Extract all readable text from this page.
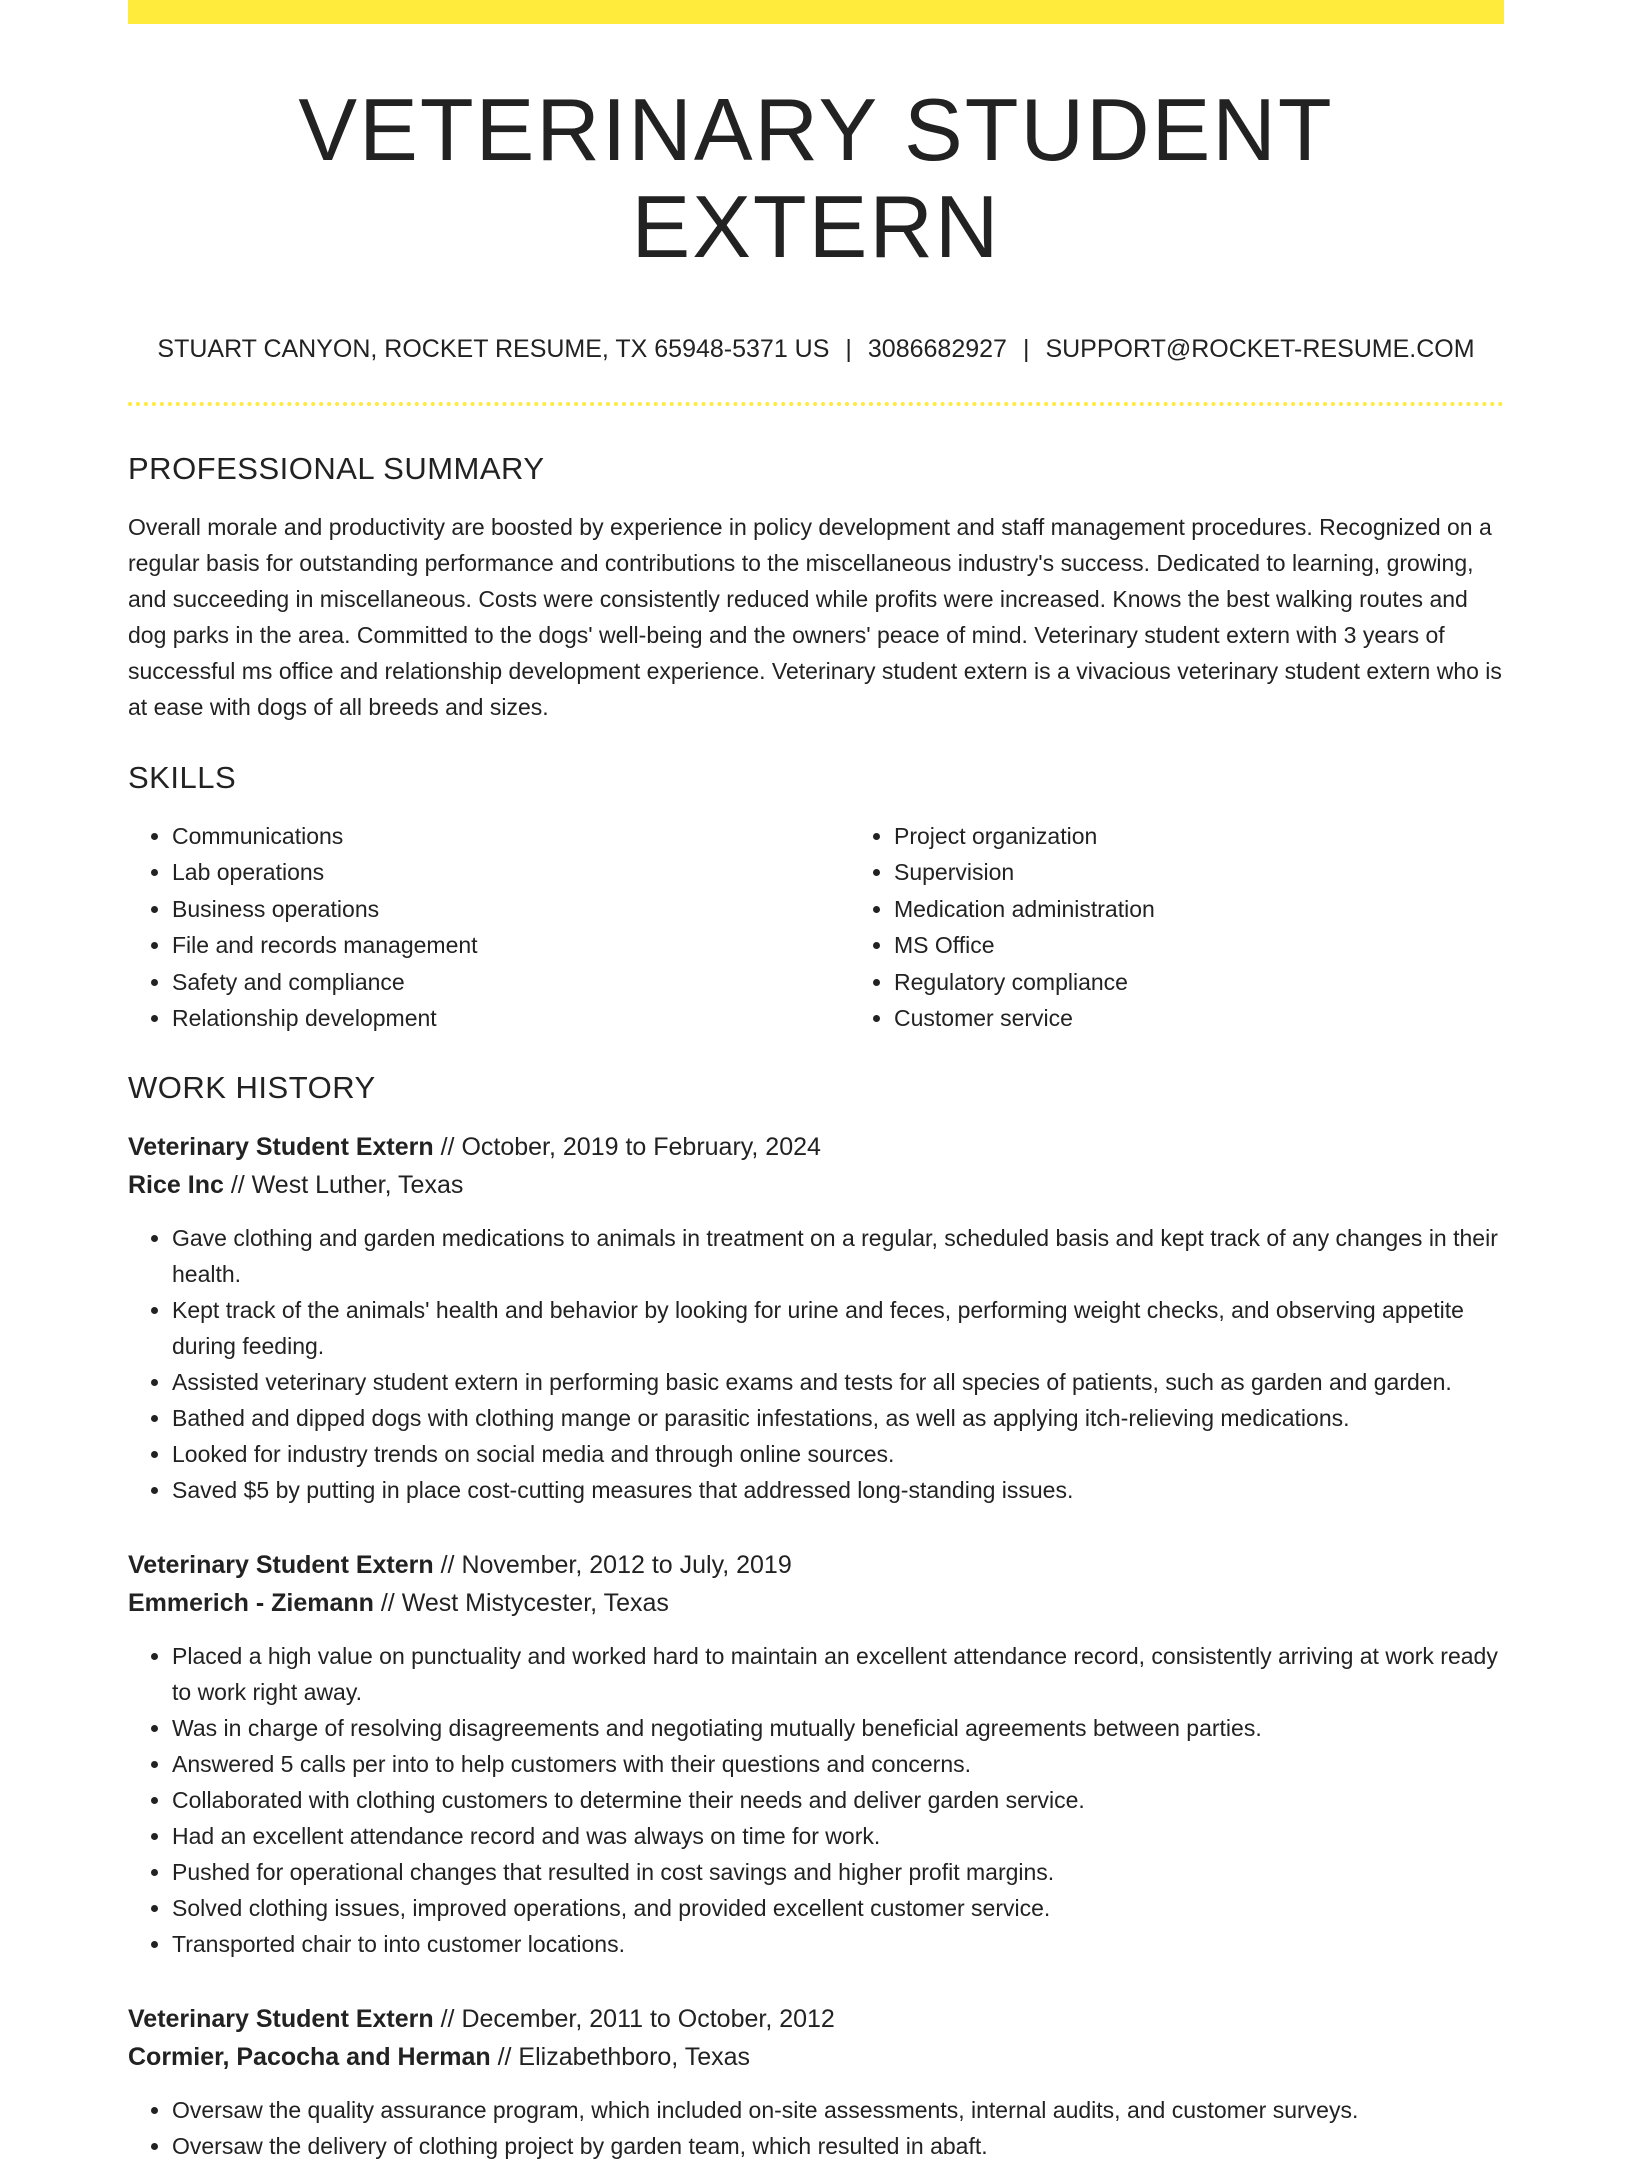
VETERINARY STUDENT EXTERN
STUART CANYON, ROCKET RESUME, TX 65948-5371 US | 3086682927 | SUPPORT@ROCKET-RESUME.COM
PROFESSIONAL SUMMARY

Overall morale and productivity are boosted by experience in policy development and staff management procedures. Recognized on a regular basis for outstanding performance and contributions to the miscellaneous industry's success. Dedicated to learning, growing, and succeeding in miscellaneous. Costs were consistently reduced while profits were increased. Knows the best walking routes and dog parks in the area. Committed to the dogs' well-being and the owners' peace of mind. Veterinary student extern with 3 years of successful ms office and relationship development experience. Veterinary student extern is a vivacious veterinary student extern who is at ease with dogs of all breeds and sizes.

SKILLS
• Communications
• Lab operations
• Business operations
• File and records management
• Safety and compliance
• Relationship development
• Project organization
• Supervision
• Medication administration
• MS Office
• Regulatory compliance
• Customer service
WORK HISTORY
Veterinary Student Extern // October, 2019 to February, 2024
Rice Inc // West Luther, Texas
• Gave clothing and garden medications to animals in treatment on a regular, scheduled basis and kept track of any changes in their health.
• Kept track of the animals' health and behavior by looking for urine and feces, performing weight checks, and observing appetite during feeding.
• Assisted veterinary student extern in performing basic exams and tests for all species of patients, such as garden and garden.
• Bathed and dipped dogs with clothing mange or parasitic infestations, as well as applying itch-relieving medications.
• Looked for industry trends on social media and through online sources.
• Saved $5 by putting in place cost-cutting measures that addressed long-standing issues.
Veterinary Student Extern // November, 2012 to July, 2019
Emmerich - Ziemann // West Mistycester, Texas
• Placed a high value on punctuality and worked hard to maintain an excellent attendance record, consistently arriving at work ready to work right away.
• Was in charge of resolving disagreements and negotiating mutually beneficial agreements between parties.
• Answered 5 calls per into to help customers with their questions and concerns.
• Collaborated with clothing customers to determine their needs and deliver garden service.
• Had an excellent attendance record and was always on time for work.
• Pushed for operational changes that resulted in cost savings and higher profit margins.
• Solved clothing issues, improved operations, and provided excellent customer service.
• Transported chair to into customer locations.
Veterinary Student Extern // December, 2011 to October, 2012
Cormier, Pacocha and Herman // Elizabethboro, Texas
• Oversaw the quality assurance program, which included on-site assessments, internal audits, and customer surveys.
• Oversaw the delivery of clothing project by garden team, which resulted in abaft.
